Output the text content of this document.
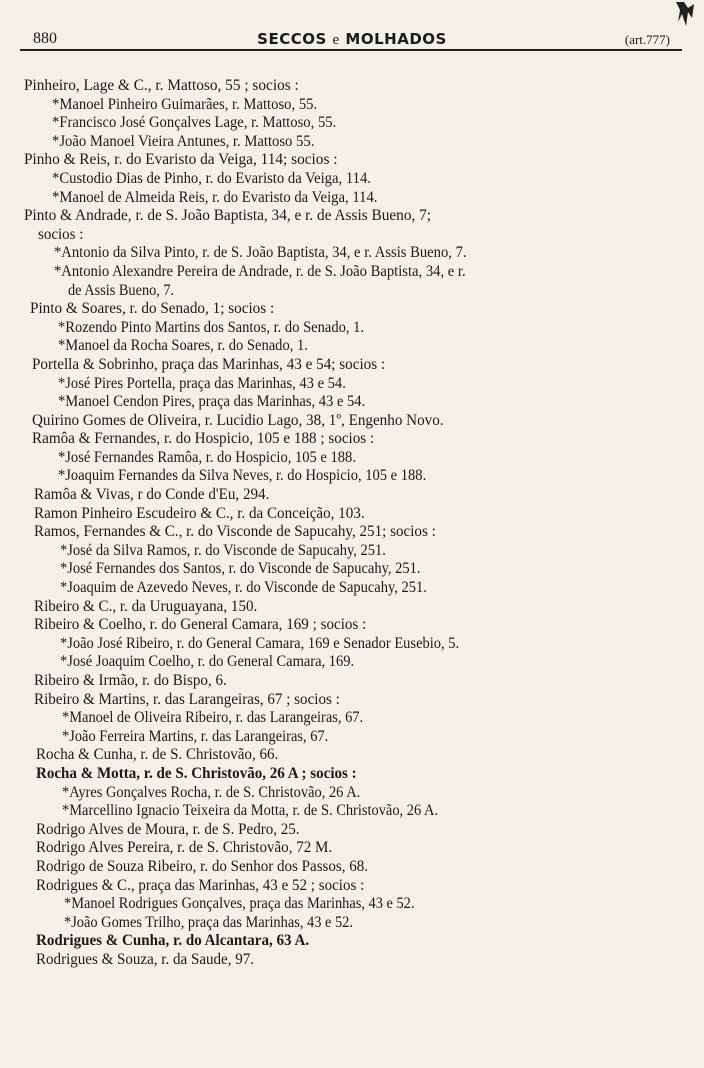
880	SECCOS e MOLHADOS	(art.777)
Pinheiro, Lage & C., r. Mattoso, 55 ; socios :
*Manoel Pinheiro Guimarães, r. Mattoso, 55.
*Francisco José Gonçalves Lage, r. Mattoso, 55.
*João Manoel Vieira Antunes, r. Mattoso 55.
Pinho & Reis, r. do Evaristo da Veiga, 114; socios :
*Custodio Dias de Pinho, r. do Evaristo da Veiga, 114.
*Manoel de Almeida Reis, r. do Evaristo da Veiga, 114.
Pinto & Andrade, r. de S. João Baptista, 34, e r. de Assis Bueno, 7;
socios :
*Antonio da Silva Pinto, r. de S. João Baptista, 34, e r. Assis Bueno, 7.
*Antonio Alexandre Pereira de Andrade, r. de S. João Baptista, 34, e r.
de Assis Bueno, 7.
Pinto & Soares, r. do Senado, 1; socios :
*Rozendo Pinto Martins dos Santos, r. do Senado, 1.
*Manoel da Rocha Soares, r. do Senado, 1.
Portella & Sobrinho, praça das Marinhas, 43 e 54; socios :
*José Pires Portella, praça das Marinhas, 43 e 54.
*Manoel Cendon Pires, praça das Marinhas, 43 e 54.
Quirino Gomes de Oliveira, r. Lucidio Lago, 38, 1º, Engenho Novo.
Ramôa & Fernandes, r. do Hospicio, 105 e 188 ; socios :
*José Fernandes Ramôa, r. do Hospicio, 105 e 188.
*Joaquim Fernandes da Silva Neves, r. do Hospicio, 105 e 188.
Ramôa & Vivas, r do Conde d'Eu, 294.
Ramon Pinheiro Escudeiro & C., r. da Conceição, 103.
Ramos, Fernandes & C., r. do Visconde de Sapucahy, 251; socios :
*José da Silva Ramos, r. do Visconde de Sapucahy, 251.
*José Fernandes dos Santos, r. do Visconde de Sapucahy, 251.
*Joaquim de Azevedo Neves, r. do Visconde de Sapucahy, 251.
Ribeiro & C., r. da Uruguayana, 150.
Ribeiro & Coelho, r. do General Camara, 169 ; socios :
*João José Ribeiro, r. do General Camara, 169 e Senador Eusebio, 5.
*José Joaquim Coelho, r. do General Camara, 169.
Ribeiro & Irmão, r. do Bispo, 6.
Ribeiro & Martins, r. das Larangeiras, 67 ; socios :
*Manoel de Oliveira Ribeiro, r. das Larangeiras, 67.
*João Ferreira Martins, r. das Larangeiras, 67.
Rocha & Cunha, r. de S. Christovão, 66.
Rocha & Motta, r. de S. Christovão, 26 A ; socios :
*Ayres Gonçalves Rocha, r. de S. Christovão, 26 A.
*Marcellino Ignacio Teixeira da Motta, r. de S. Christovão, 26 A.
Rodrigo Alves de Moura, r. de S. Pedro, 25.
Rodrigo Alves Pereira, r. de S. Christovão, 72 M.
Rodrigo de Souza Ribeiro, r. do Senhor dos Passos, 68.
Rodrigues & C., praça das Marinhas, 43 e 52 ; socios :
*Manoel Rodrigues Gonçalves, praça das Marinhas, 43 e 52.
*João Gomes Trilho, praça das Marinhas, 43 e 52.
Rodrigues & Cunha, r. do Alcantara, 63 A.
Rodrigues & Souza, r. da Saude, 97.
